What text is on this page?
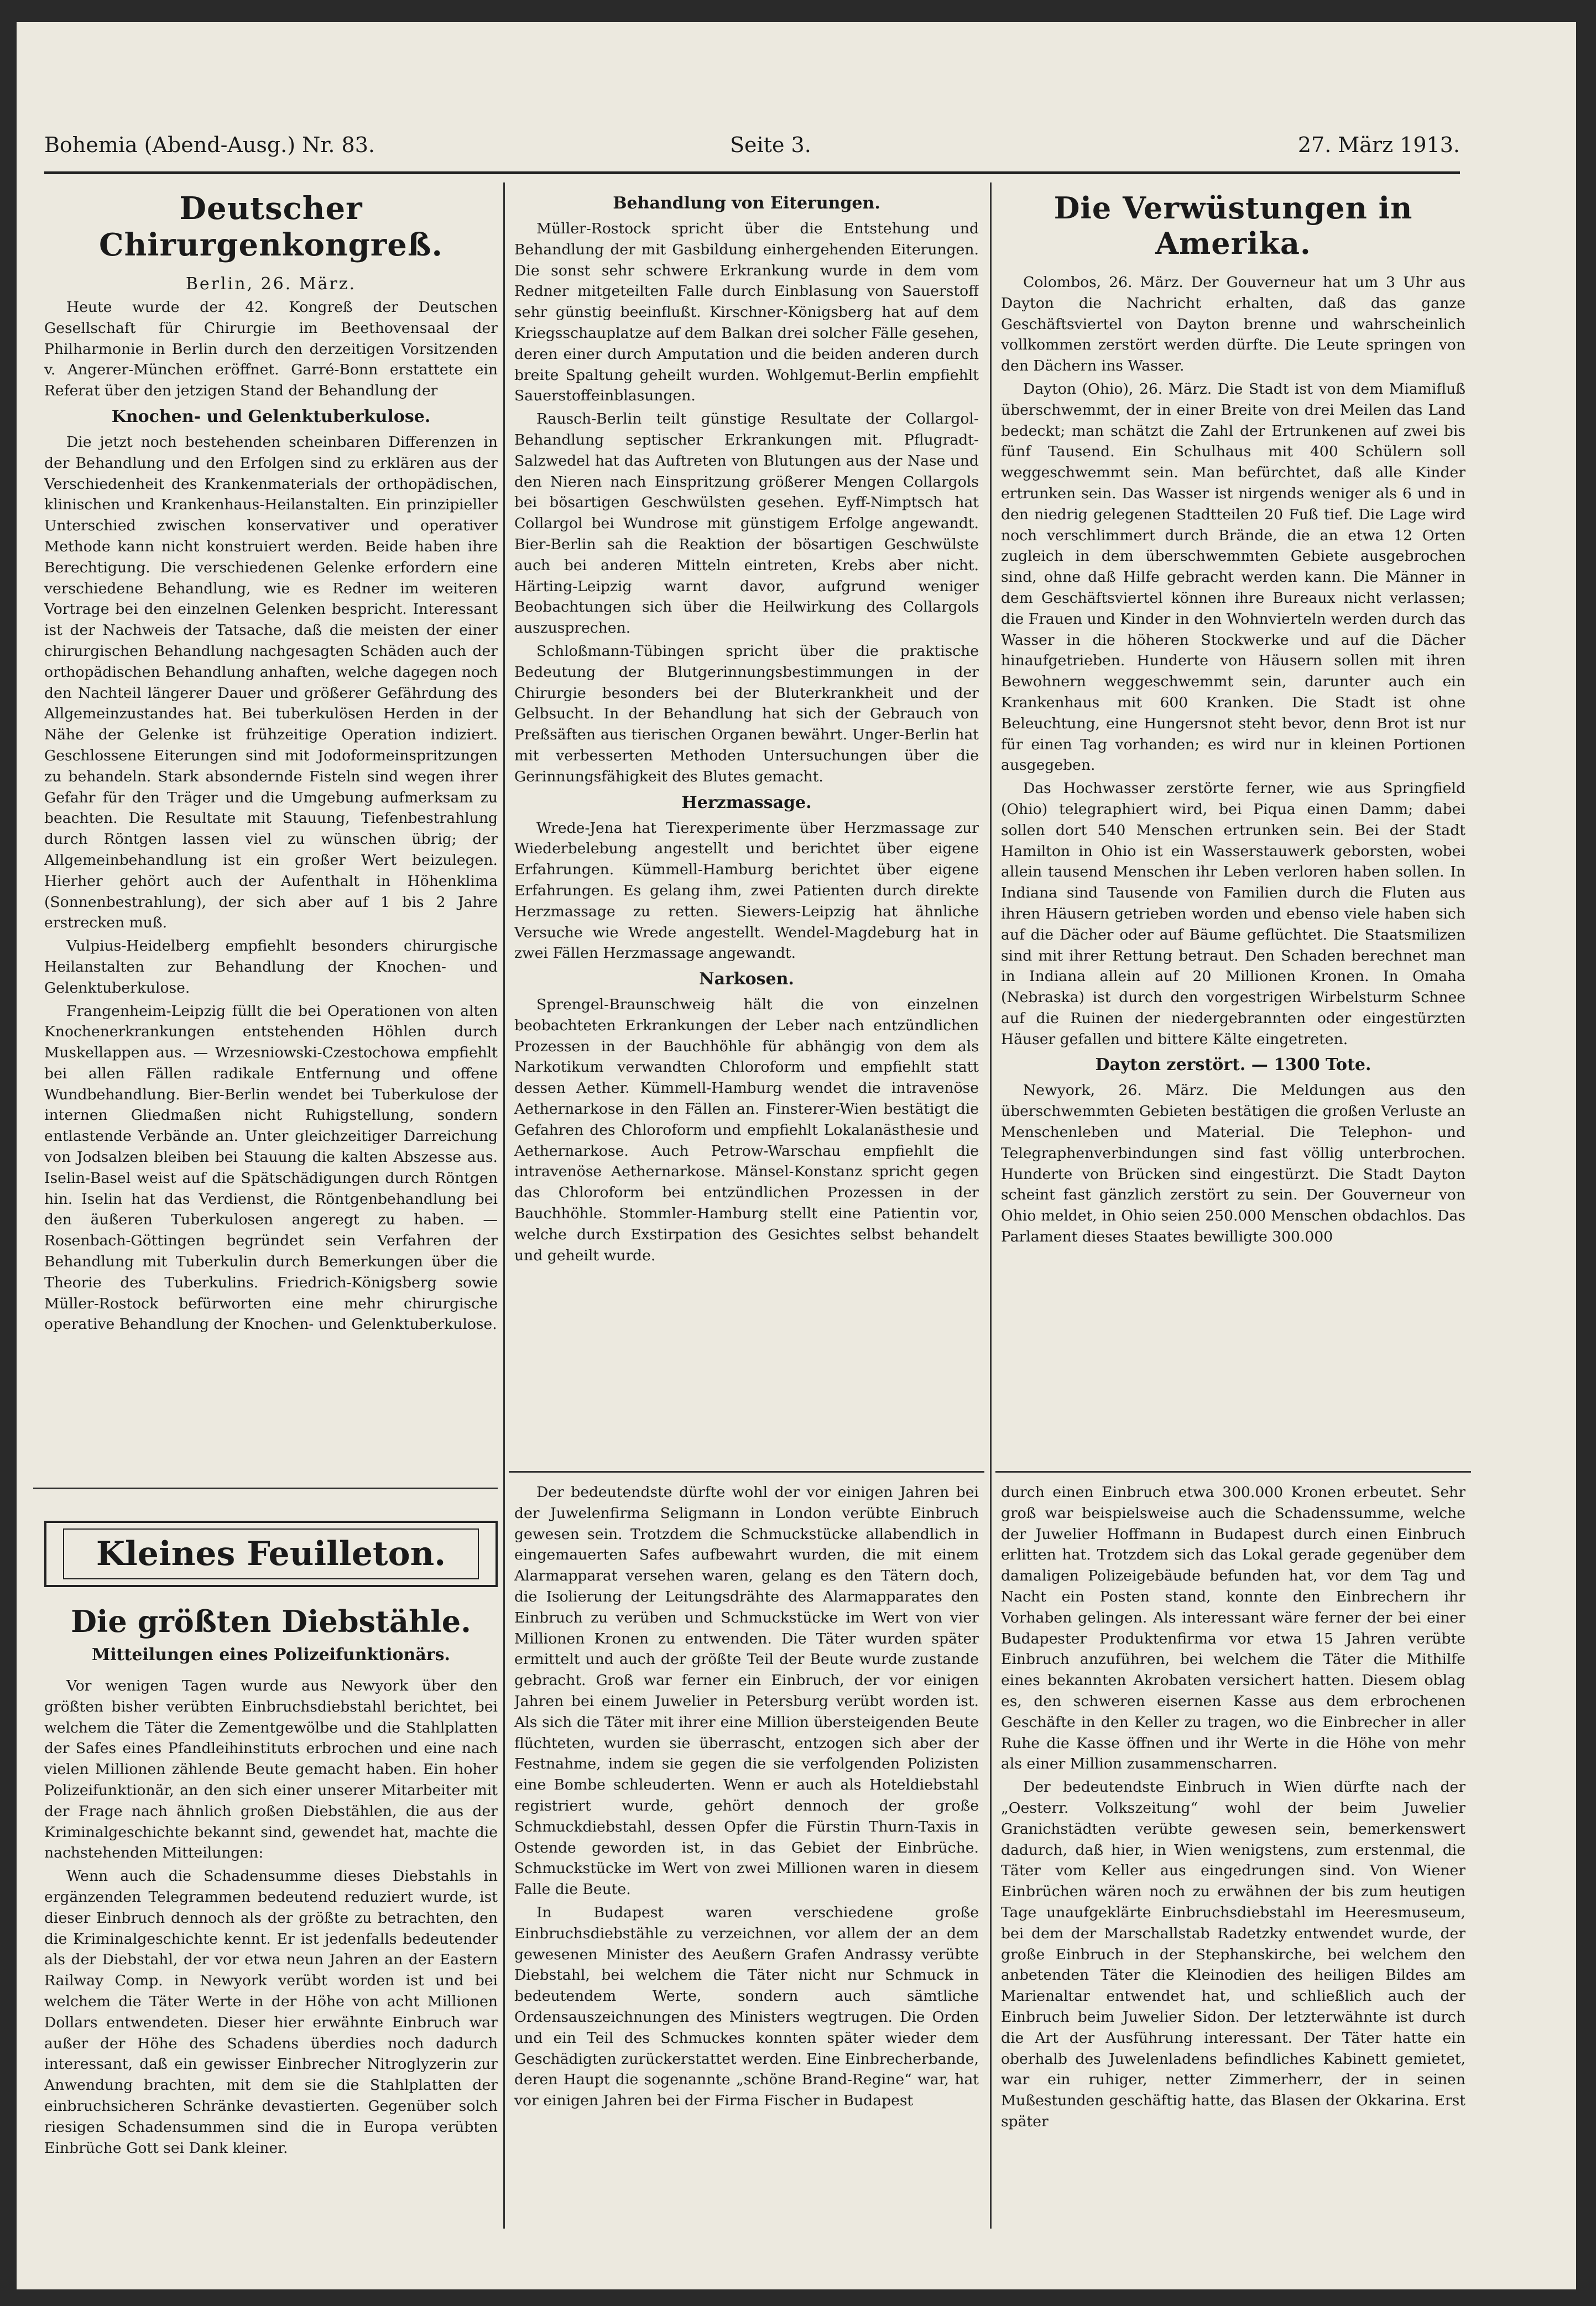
Bohemia (Abend-Ausg.) Nr. 83.	Seite 3.	27. März 1913.
Deutscher Chirurgenkongreß.
Berlin, 26. März.

Heute wurde der 42. Kongreß der Deutschen Gesellschaft für Chirurgie im Beethovensaal der Philharmonie in Berlin durch den derzeitigen Vorsitzenden v. Angerer-München eröffnet. Garré-Bonn erstattete ein Referat über den jetzigen Stand der Behandlung der

Knochen- und Gelenktuberkulose.

Die jetzt noch bestehenden scheinbaren Differenzen in der Behandlung und den Erfolgen sind zu erklären aus der Verschiedenheit des Krankenmaterials der orthopädischen, klinischen und Krankenhaus-Heilanstalten. Ein prinzipieller Unterschied zwischen konservativer und operativer Methode kann nicht konstruiert werden. Beide haben ihre Berechtigung. Die verschiedenen Gelenke erfordern eine verschiedene Behandlung, wie es Redner im weiteren Vortrage bei den einzelnen Gelenken bespricht. Interessant ist der Nachweis der Tatsache, daß die meisten der einer chirurgischen Behandlung nachgesagten Schäden auch der orthopädischen Behandlung anhaften, welche dagegen noch den Nachteil längerer Dauer und größerer Gefährdung des Allgemeinzustandes hat. Bei tuberkulösen Herden in der Nähe der Gelenke ist frühzeitige Operation indiziert. Geschlossene Eiterungen sind mit Jodoformeinspritzungen zu behandeln. Stark absondernde Fisteln sind wegen ihrer Gefahr für den Träger und die Umgebung aufmerksam zu beachten. Die Resultate mit Stauung, Tiefenbestrahlung durch Röntgen lassen viel zu wünschen übrig; der Allgemeinbehandlung ist ein großer Wert beizulegen. Hierher gehört auch der Aufenthalt in Höhenklima (Sonnenbestrahlung), der sich aber auf 1 bis 2 Jahre erstrecken muß.

Vulpius-Heidelberg empfiehlt besonders chirurgische Heilanstalten zur Behandlung der Knochen- und Gelenktuberkulose.

Frangenheim-Leipzig füllt die bei Operationen von alten Knochenerkrankungen entstehenden Höhlen durch Muskellappen aus. — Wrzesniowski-Czestochowa empfiehlt bei allen Fällen radikale Entfernung und offene Wundbehandlung. Bier-Berlin wendet bei Tuberkulose der internen Gliedmaßen nicht Ruhigstellung, sondern entlastende Verbände an. Unter gleichzeitiger Darreichung von Jodsalzen bleiben bei Stauung die kalten Abszesse aus. Iselin-Basel weist auf die Spätschädigungen durch Röntgen hin. Iselin hat das Verdienst, die Röntgenbehandlung bei den äußeren Tuberkulosen angeregt zu haben. — Rosenbach-Göttingen begründet sein Verfahren der Behandlung mit Tuberkulin durch Bemerkungen über die Theorie des Tuberkulins. Friedrich-Königsberg sowie Müller-Rostock befürworten eine mehr chirurgische operative Behandlung der Knochen- und Gelenktuberkulose.

Kleines Feuilleton.
Die größten Diebstähle.
Mitteilungen eines Polizeifunktionärs.

Vor wenigen Tagen wurde aus Newyork über den größten bisher verübten Einbruchsdiebstahl berichtet, bei welchem die Täter die Zementgewölbe und die Stahlplatten der Safes eines Pfandleihinstituts erbrochen und eine nach vielen Millionen zählende Beute gemacht haben. Ein hoher Polizeifunktionär, an den sich einer unserer Mitarbeiter mit der Frage nach ähnlich großen Diebstählen, die aus der Kriminalgeschichte bekannt sind, gewendet hat, machte die nachstehenden Mitteilungen:

Wenn auch die Schadensumme dieses Diebstahls in ergänzenden Telegrammen bedeutend reduziert wurde, ist dieser Einbruch dennoch als der größte zu betrachten, den die Kriminalgeschichte kennt. Er ist jedenfalls bedeutender als der Diebstahl, der vor etwa neun Jahren an der Eastern Railway Comp. in Newyork verübt worden ist und bei welchem die Täter Werte in der Höhe von acht Millionen Dollars entwendeten. Dieser hier erwähnte Einbruch war außer der Höhe des Schadens überdies noch dadurch interessant, daß ein gewisser Einbrecher Nitroglyzerin zur Anwendung brachten, mit dem sie die Stahlplatten der einbruchsicheren Schränke devastierten. Gegenüber solch riesigen Schadensummen sind die in Europa verübten Einbrüche Gott sei Dank kleiner.

Behandlung von Eiterungen.

Müller-Rostock spricht über die Entstehung und Behandlung der mit Gasbildung einhergehenden Eiterungen. Die sonst sehr schwere Erkrankung wurde in dem vom Redner mitgeteilten Falle durch Einblasung von Sauerstoff sehr günstig beeinflußt. Kirschner-Königsberg hat auf dem Kriegsschauplatze auf dem Balkan drei solcher Fälle gesehen, deren einer durch Amputation und die beiden anderen durch breite Spaltung geheilt wurden. Wohlgemut-Berlin empfiehlt Sauerstoffeinblasungen.

Rausch-Berlin teilt günstige Resultate der Collargol-Behandlung septischer Erkrankungen mit. Pflugradt-Salzwedel hat das Auftreten von Blutungen aus der Nase und den Nieren nach Einspritzung größerer Mengen Collargols bei bösartigen Geschwülsten gesehen. Eyff-Nimptsch hat Collargol bei Wundrose mit günstigem Erfolge angewandt. Bier-Berlin sah die Reaktion der bösartigen Geschwülste auch bei anderen Mitteln eintreten, Krebs aber nicht. Härting-Leipzig warnt davor, aufgrund weniger Beobachtungen sich über die Heilwirkung des Collargols auszusprechen.

Schloßmann-Tübingen spricht über die praktische Bedeutung der Blutgerinnungsbestimmungen in der Chirurgie besonders bei der Bluterkrankheit und der Gelbsucht. In der Behandlung hat sich der Gebrauch von Preßsäften aus tierischen Organen bewährt. Unger-Berlin hat mit verbesserten Methoden Untersuchungen über die Gerinnungsfähigkeit des Blutes gemacht.

Herzmassage.

Wrede-Jena hat Tierexperimente über Herzmassage zur Wiederbelebung angestellt und berichtet über eigene Erfahrungen. Kümmell-Hamburg berichtet über eigene Erfahrungen. Es gelang ihm, zwei Patienten durch direkte Herzmassage zu retten. Siewers-Leipzig hat ähnliche Versuche wie Wrede angestellt. Wendel-Magdeburg hat in zwei Fällen Herzmassage angewandt.

Narkosen.

Sprengel-Braunschweig hält die von einzelnen beobachteten Erkrankungen der Leber nach entzündlichen Prozessen in der Bauchhöhle für abhängig von dem als Narkotikum verwandten Chloroform und empfiehlt statt dessen Aether. Kümmell-Hamburg wendet die intravenöse Aethernarkose in den Fällen an. Finsterer-Wien bestätigt die Gefahren des Chloroform und empfiehlt Lokalanästhesie und Aethernarkose. Auch Petrow-Warschau empfiehlt die intravenöse Aethernarkose. Mänsel-Konstanz spricht gegen das Chloroform bei entzündlichen Prozessen in der Bauchhöhle. Stommler-Hamburg stellt eine Patientin vor, welche durch Exstirpation des Gesichtes selbst behandelt und geheilt wurde.

Der bedeutendste dürfte wohl der vor einigen Jahren bei der Juwelenfirma Seligmann in London verübte Einbruch gewesen sein. Trotzdem die Schmuckstücke allabendlich in eingemauerten Safes aufbewahrt wurden, die mit einem Alarmapparat versehen waren, gelang es den Tätern doch, die Isolierung der Leitungsdrähte des Alarmapparates den Einbruch zu verüben und Schmuckstücke im Wert von vier Millionen Kronen zu entwenden. Die Täter wurden später ermittelt und auch der größte Teil der Beute wurde zustande gebracht. Groß war ferner ein Einbruch, der vor einigen Jahren bei einem Juwelier in Petersburg verübt worden ist. Als sich die Täter mit ihrer eine Million übersteigenden Beute flüchteten, wurden sie überrascht, entzogen sich aber der Festnahme, indem sie gegen die sie verfolgenden Polizisten eine Bombe schleuderten. Wenn er auch als Hoteldiebstahl registriert wurde, gehört dennoch der große Schmuckdiebstahl, dessen Opfer die Fürstin Thurn-Taxis in Ostende geworden ist, in das Gebiet der Einbrüche. Schmuckstücke im Wert von zwei Millionen waren in diesem Falle die Beute.

In Budapest waren verschiedene große Einbruchsdiebstähle zu verzeichnen, vor allem der an dem gewesenen Minister des Aeußern Grafen Andrassy verübte Diebstahl, bei welchem die Täter nicht nur Schmuck in bedeutendem Werte, sondern auch sämtliche Ordensauszeichnungen des Ministers wegtrugen. Die Orden und ein Teil des Schmuckes konnten später wieder dem Geschädigten zurückerstattet werden. Eine Einbrecherbande, deren Haupt die sogenannte „schöne Brand-Regine“ war, hat vor einigen Jahren bei der Firma Fischer in Budapest

Die Verwüstungen in Amerika.

Colombos, 26. März. Der Gouverneur hat um 3 Uhr aus Dayton die Nachricht erhalten, daß das ganze Geschäftsviertel von Dayton brenne und wahrscheinlich vollkommen zerstört werden dürfte. Die Leute springen von den Dächern ins Wasser.

Dayton (Ohio), 26. März. Die Stadt ist von dem Miamifluß überschwemmt, der in einer Breite von drei Meilen das Land bedeckt; man schätzt die Zahl der Ertrunkenen auf zwei bis fünf Tausend. Ein Schulhaus mit 400 Schülern soll weggeschwemmt sein. Man befürchtet, daß alle Kinder ertrunken sein. Das Wasser ist nirgends weniger als 6 und in den niedrig gelegenen Stadtteilen 20 Fuß tief. Die Lage wird noch verschlimmert durch Brände, die an etwa 12 Orten zugleich in dem überschwemmten Gebiete ausgebrochen sind, ohne daß Hilfe gebracht werden kann. Die Männer in dem Geschäftsviertel können ihre Bureaux nicht verlassen; die Frauen und Kinder in den Wohnvierteln werden durch das Wasser in die höheren Stockwerke und auf die Dächer hinaufgetrieben. Hunderte von Häusern sollen mit ihren Bewohnern weggeschwemmt sein, darunter auch ein Krankenhaus mit 600 Kranken. Die Stadt ist ohne Beleuchtung, eine Hungersnot steht bevor, denn Brot ist nur für einen Tag vorhanden; es wird nur in kleinen Portionen ausgegeben.

Das Hochwasser zerstörte ferner, wie aus Springfield (Ohio) telegraphiert wird, bei Piqua einen Damm; dabei sollen dort 540 Menschen ertrunken sein. Bei der Stadt Hamilton in Ohio ist ein Wasserstauwerk geborsten, wobei allein tausend Menschen ihr Leben verloren haben sollen. In Indiana sind Tausende von Familien durch die Fluten aus ihren Häusern getrieben worden und ebenso viele haben sich auf die Dächer oder auf Bäume geflüchtet. Die Staatsmilizen sind mit ihrer Rettung betraut. Den Schaden berechnet man in Indiana allein auf 20 Millionen Kronen. In Omaha (Nebraska) ist durch den vorgestrigen Wirbelsturm Schnee auf die Ruinen der niedergebrannten oder eingestürzten Häuser gefallen und bittere Kälte eingetreten.

Dayton zerstört. — 1300 Tote.

Newyork, 26. März. Die Meldungen aus den überschwemmten Gebieten bestätigen die großen Verluste an Menschenleben und Material. Die Telephon- und Telegraphenverbindungen sind fast völlig unterbrochen. Hunderte von Brücken sind eingestürzt. Die Stadt Dayton scheint fast gänzlich zerstört zu sein. Der Gouverneur von Ohio meldet, in Ohio seien 250.000 Menschen obdachlos. Das Parlament dieses Staates bewilligte 300.000

durch einen Einbruch etwa 300.000 Kronen erbeutet. Sehr groß war beispielsweise auch die Schadenssumme, welche der Juwelier Hoffmann in Budapest durch einen Einbruch erlitten hat. Trotzdem sich das Lokal gerade gegenüber dem damaligen Polizeigebäude befunden hat, vor dem Tag und Nacht ein Posten stand, konnte den Einbrechern ihr Vorhaben gelingen. Als interessant wäre ferner der bei einer Budapester Produktenfirma vor etwa 15 Jahren verübte Einbruch anzuführen, bei welchem die Täter die Mithilfe eines bekannten Akrobaten versichert hatten. Diesem oblag es, den schweren eisernen Kasse aus dem erbrochenen Geschäfte in den Keller zu tragen, wo die Einbrecher in aller Ruhe die Kasse öffnen und ihr Werte in die Höhe von mehr als einer Million zusammenscharren.

Der bedeutendste Einbruch in Wien dürfte nach der „Oesterr. Volkszeitung“ wohl der beim Juwelier Granichstädten verübte gewesen sein, bemerkenswert dadurch, daß hier, in Wien wenigstens, zum erstenmal, die Täter vom Keller aus eingedrungen sind. Von Wiener Einbrüchen wären noch zu erwähnen der bis zum heutigen Tage unaufgeklärte Einbruchsdiebstahl im Heeresmuseum, bei dem der Marschallstab Radetzky entwendet wurde, der große Einbruch in der Stephanskirche, bei welchem den anbetenden Täter die Kleinodien des heiligen Bildes am Marienaltar entwendet hat, und schließlich auch der Einbruch beim Juwelier Sidon. Der letzterwähnte ist durch die Art der Ausführung interessant. Der Täter hatte ein oberhalb des Juwelenladens befindliches Kabinett gemietet, war ein ruhiger, netter Zimmerherr, der in seinen Mußestunden geschäftig hatte, das Blasen der Okkarina. Erst später
